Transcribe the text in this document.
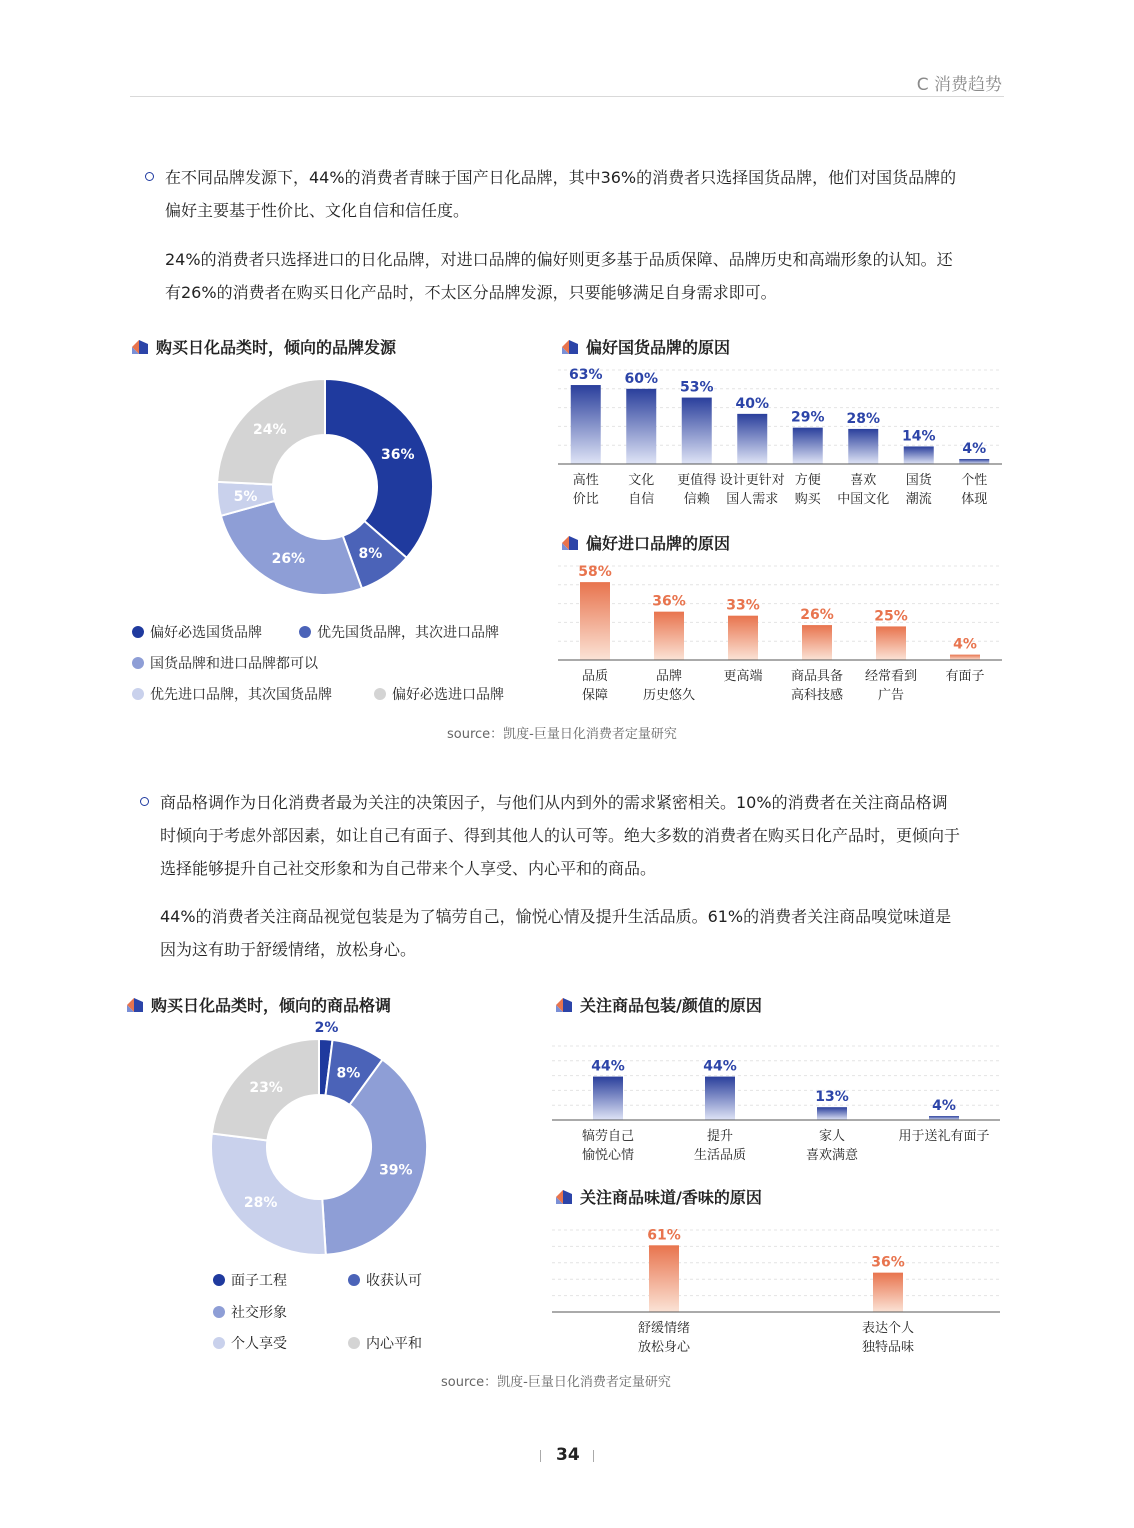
C 消费趋势
在不同品牌发源下，44%的消费者青睐于国产日化品牌，其中36%的消费者只选择国货品牌，他们对国货品牌的
偏好主要基于性价比、文化自信和信任度。
24%的消费者只选择进口的日化品牌，对进口品牌的偏好则更多基于品质保障、品牌历史和高端形象的认知。还
有26%的消费者在购买日化产品时，不太区分品牌发源，只要能够满足自身需求即可。
购买日化品类时，倾向的品牌发源	偏好国货品牌的原因
偏好进口品牌的原因
36%
8%
26%
5%
24%
偏好必选国货品牌	优先国货品牌，其次进口品牌
国货品牌和进口品牌都可以
优先进口品牌，其次国货品牌	偏好必选进口品牌
63%
高性
价比
60%
文化
自信
53%
更值得
信赖
40%
设计更针对
国人需求
29%
方便
购买
28%
喜欢
中国文化
14%
国货
潮流
4%
个性
体现
58%
品质
保障
36%
品牌
历史悠久
33%
更高端
26%
商品具备
高科技感
25%
经常看到
广告
4%
有面子
source：凯度-巨量日化消费者定量研究
商品格调作为日化消费者最为关注的决策因子，与他们从内到外的需求紧密相关。10%的消费者在关注商品格调
时倾向于考虑外部因素，如让自己有面子、得到其他人的认可等。绝大多数的消费者在购买日化产品时，更倾向于
选择能够提升自己社交形象和为自己带来个人享受、内心平和的商品。
44%的消费者关注商品视觉包装是为了犒劳自己，愉悦心情及提升生活品质。61%的消费者关注商品嗅觉味道是
因为这有助于舒缓情绪，放松身心。
购买日化品类时，倾向的商品格调	关注商品包装/颜值的原因
关注商品味道/香味的原因
2%
8%
39%
28%
23%
面子工程	收获认可
社交形象
个人享受	内心平和
44%
犒劳自己
愉悦心情
44%
提升
生活品质
13%
家人
喜欢满意
4%
用于送礼有面子
61%
舒缓情绪
放松身心
36%
表达个人
独特品味
source：凯度-巨量日化消费者定量研究
34
